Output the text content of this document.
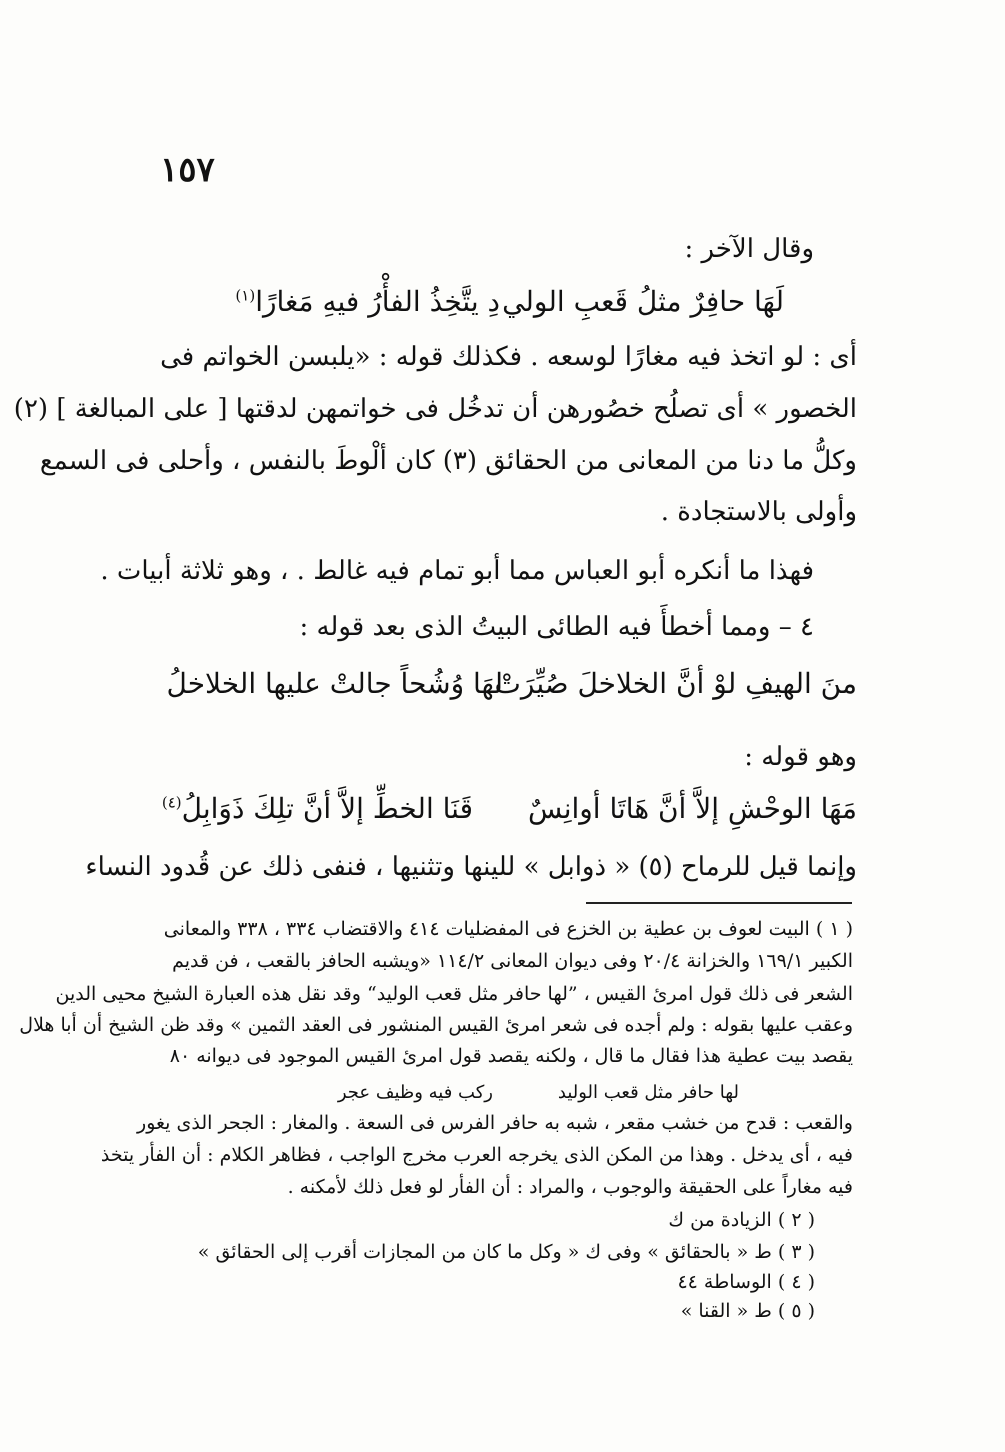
١٥٧
وقال الآخر :
لَهَا حافِرٌ مثلُ قَعبِ الولي
دِ يتَّخِذُ الفأْرُ فيهِ مَغارًا$^{(١)}$
أى : لو اتخذ فيه مغارًا لوسعه . فكذلك قوله : «يلبسن الخواتم فى
الخصور » أى تصلُح خصُورهن أن تدخُل فى خواتمهن لدقتها [ على المبالغة ] (٢)
وكلُّ ما دنا من المعانى من الحقائق (٣) كان ألْوطَ بالنفس ، وأحلى فى السمع
وأولى بالاستجادة .
فهذا ما أنكره أبو العباس مما أبو تمام فيه غالط . ، وهو ثلاثة أبيات .
٤ – ومما أخطأَ فيه الطائى البيتُ الذى بعد قوله :
منَ الهيفِ لوْ أنَّ الخلاخلَ صُيِّرَتْ
لهَا وُشُحاً جالتْ عليها الخلاخلُ
وهو قوله :
مَهَا الوحْشِ إلاَّ أنَّ هَاتَا أوانِسٌ
قَنَا الخطِّ إلاَّ أنَّ تلِكَ ذَوَابِلُ$^{(٤)}$
وإنما قيل للرماح (٥) « ذوابل » للينها وتثنيها ، فنفى ذلك عن قُدود النساء
( ١ ) البيت لعوف بن عطية بن الخزع فى المفضليات ٤١٤ والاقتضاب ٣٣٤ ، ٣٣٨ والمعانى
الكبير ١٦٩/١ والخزانة ٢٠/٤ وفى ديوان المعانى ١١٤/٢ «ويشبه الحافز بالقعب ، فن قديم
الشعر فى ذلك قول امرئ القيس ، ”لها حافر مثل قعب الوليد“ وقد نقل هذه العبارة الشيخ محيى الدين
وعقب عليها بقوله : ولم أجده فى شعر امرئ القيس المنشور فى العقد الثمين » وقد ظن الشيخ أن أبا هلال
يقصد بيت عطية هذا فقال ما قال ، ولكنه يقصد قول امرئ القيس الموجود فى ديوانه ٨٠
لها حافر مثل قعب الوليد
ركب فيه وظيف عجر
والقعب : قدح من خشب مقعر ، شبه به حافر الفرس فى السعة . والمغار : الجحر الذى يغور
فيه ، أى يدخل . وهذا من المكن الذى يخرجه العرب مخرج الواجب ، فظاهر الكلام : أن الفأر يتخذ
فيه مغاراً على الحقيقة والوجوب ، والمراد : أن الفأر لو فعل ذلك لأمكنه .
( ٢ ) الزيادة من ك
( ٣ ) ط « بالحقائق » وفى ك « وكل ما كان من المجازات أقرب إلى الحقائق »
( ٤ ) الوساطة ٤٤
( ٥ ) ط « القنا »
